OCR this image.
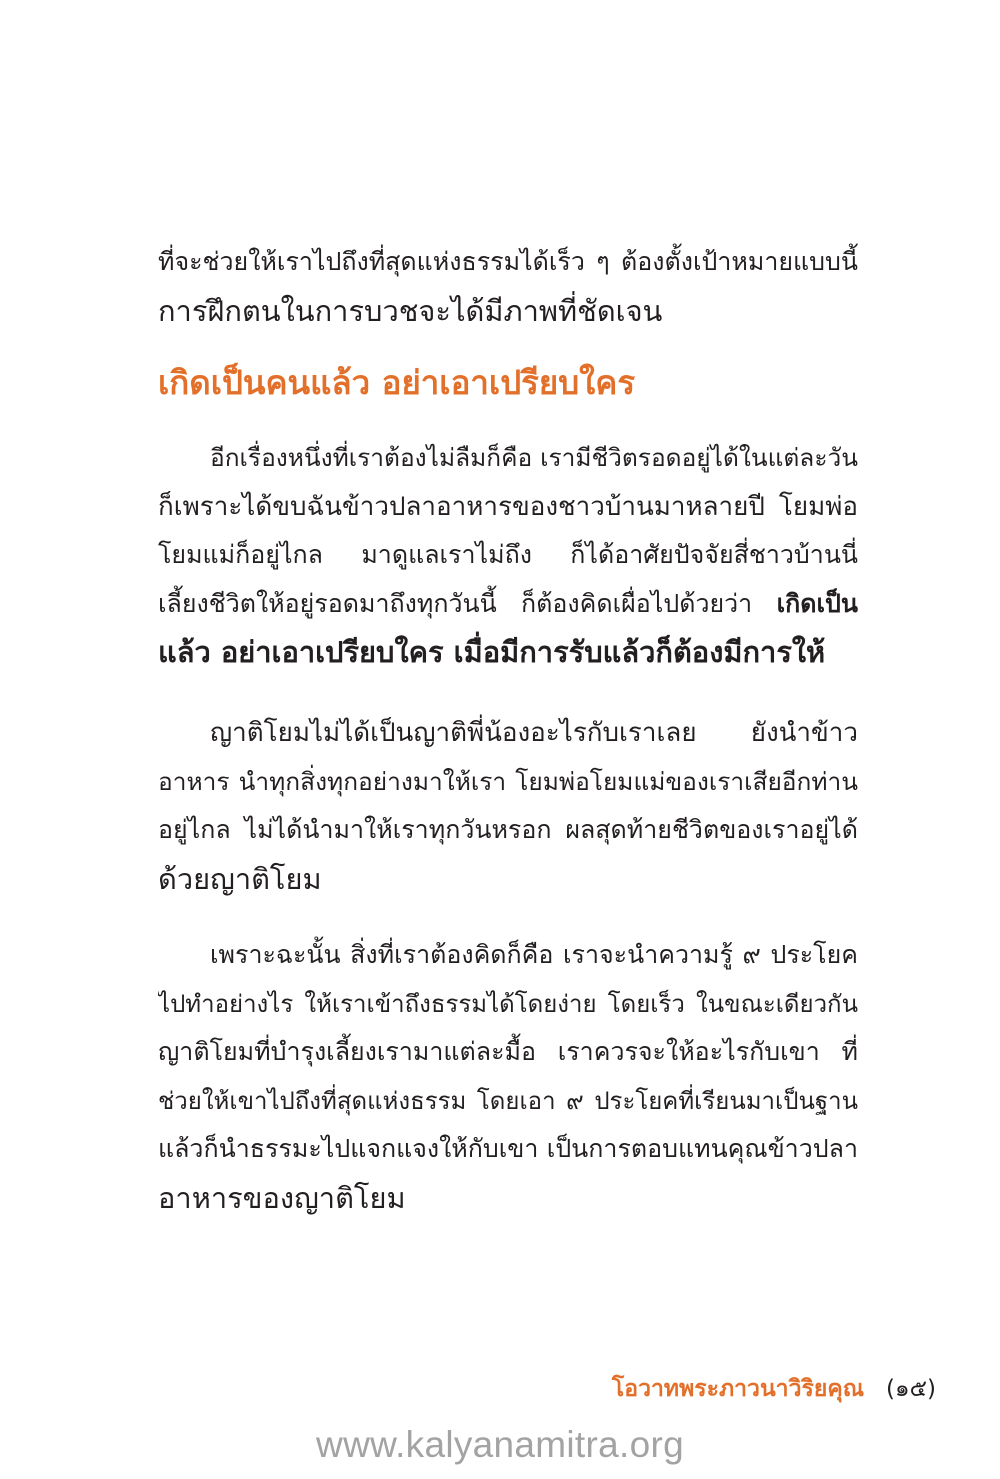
ที่จะช่วยให้เราไปถึงที่สุดแห่งธรรมได้เร็ว ๆ ต้องตั้งเป้าหมายแบบนี้
การฝึกตนในการบวชจะได้มีภาพที่ชัดเจน
เกิดเป็นคนแล้ว อย่าเอาเปรียบใคร
อีกเรื่องหนึ่งที่เราต้องไม่ลืมก็คือ เรามีชีวิตรอดอยู่ได้ในแต่ละวัน
ก็เพราะได้ขบฉันข้าวปลาอาหารของชาวบ้านมาหลายปี โยมพ่อ
โยมแม่ก็อยู่ไกล มาดูแลเราไม่ถึง ก็ได้อาศัยปัจจัยสี่ชาวบ้านนี่
เลี้ยงชีวิตให้อยู่รอดมาถึงทุกวันนี้ ก็ต้องคิดเผื่อไปด้วยว่า เกิดเป็น
แล้ว อย่าเอาเปรียบใคร เมื่อมีการรับแล้วก็ต้องมีการให้
ญาติโยมไม่ได้เป็นญาติพี่น้องอะไรกับเราเลย ยังนำข้าว
อาหาร นำทุกสิ่งทุกอย่างมาให้เรา โยมพ่อโยมแม่ของเราเสียอีกท่าน
อยู่ไกล ไม่ได้นำมาให้เราทุกวันหรอก ผลสุดท้ายชีวิตของเราอยู่ได้
ด้วยญาติโยม
เพราะฉะนั้น สิ่งที่เราต้องคิดก็คือ เราจะนำความรู้ ๙ ประโยค
ไปทำอย่างไร ให้เราเข้าถึงธรรมได้โดยง่าย โดยเร็ว ในขณะเดียวกัน
ญาติโยมที่บำรุงเลี้ยงเรามาแต่ละมื้อ เราควรจะให้อะไรกับเขา ที่
ช่วยให้เขาไปถึงที่สุดแห่งธรรม โดยเอา ๙ ประโยคที่เรียนมาเป็นฐาน
แล้วก็นำธรรมะไปแจกแจงให้กับเขา เป็นการตอบแทนคุณข้าวปลา
อาหารของญาติโยม
โอวาทพระภาวนาวิริยคุณ (๑๕)
www.kalyanamitra.org
